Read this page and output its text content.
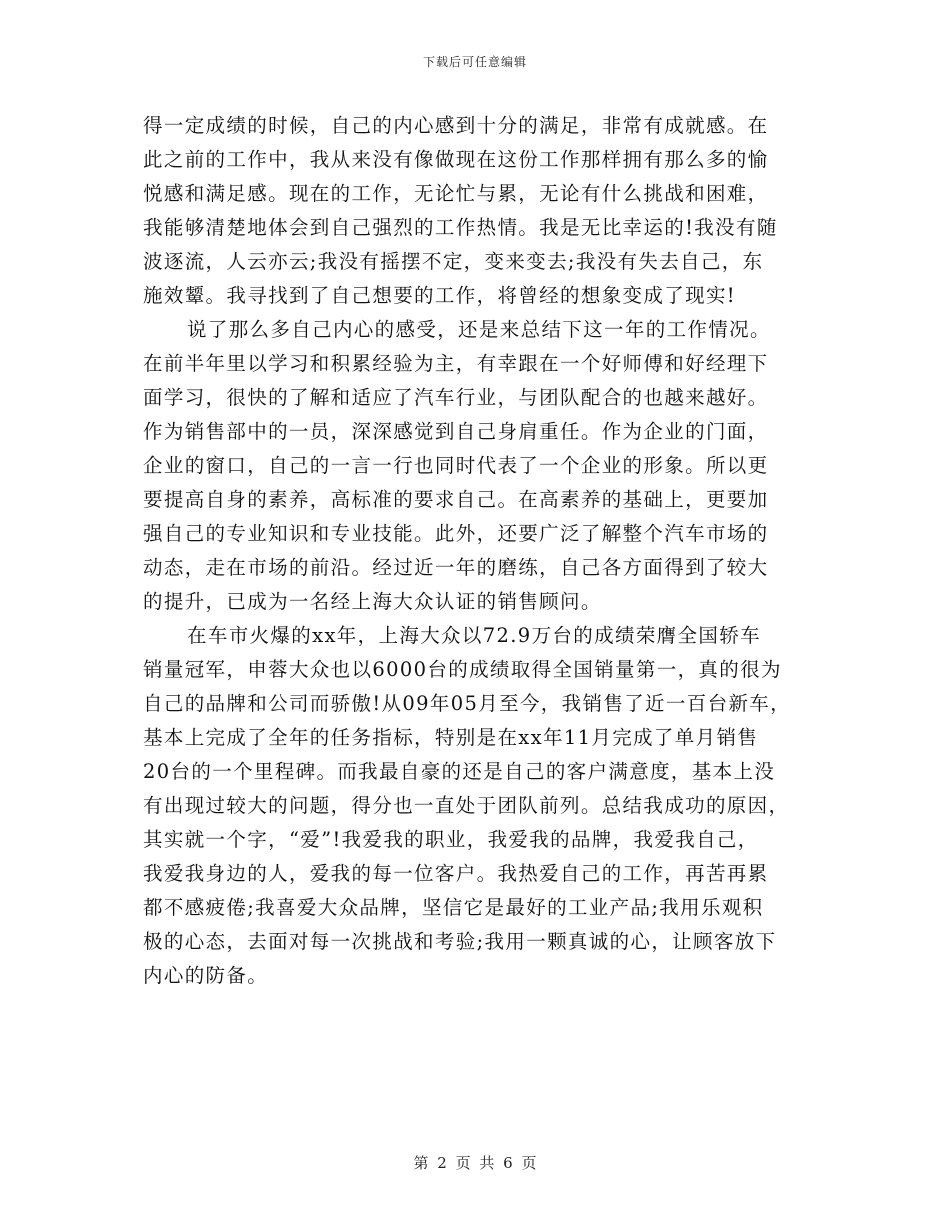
下载后可任意编辑
得一定成绩的时候，自己的内心感到十分的满足，非常有成就感。在
此之前的工作中，我从来没有像做现在这份工作那样拥有那么多的愉
悦感和满足感。现在的工作，无论忙与累，无论有什么挑战和困难，
我能够清楚地体会到自己强烈的工作热情。我是无比幸运的!我没有随
波逐流，人云亦云;我没有摇摆不定，变来变去;我没有失去自己，东
施效颦。我寻找到了自己想要的工作，将曾经的想象变成了现实!
说了那么多自己内心的感受，还是来总结下这一年的工作情况。
在前半年里以学习和积累经验为主，有幸跟在一个好师傅和好经理下
面学习，很快的了解和适应了汽车行业，与团队配合的也越来越好。
作为销售部中的一员，深深感觉到自己身肩重任。作为企业的门面，
企业的窗口，自己的一言一行也同时代表了一个企业的形象。所以更
要提高自身的素养，高标准的要求自己。在高素养的基础上，更要加
强自己的专业知识和专业技能。此外，还要广泛了解整个汽车市场的
动态，走在市场的前沿。经过近一年的磨练，自己各方面得到了较大
的提升，已成为一名经上海大众认证的销售顾问。
在车市火爆的xx年，上海大众以72.9万台的成绩荣膺全国轿车
销量冠军，申蓉大众也以6000台的成绩取得全国销量第一，真的很为
自己的品牌和公司而骄傲!从09年05月至今，我销售了近一百台新车，
基本上完成了全年的任务指标，特别是在xx年11月完成了单月销售
20台的一个里程碑。而我最自豪的还是自己的客户满意度，基本上没
有出现过较大的问题，得分也一直处于团队前列。总结我成功的原因，
其实就一个字，“爱”!我爱我的职业，我爱我的品牌，我爱我自己，
我爱我身边的人，爱我的每一位客户。我热爱自己的工作，再苦再累
都不感疲倦;我喜爱大众品牌，坚信它是最好的工业产品;我用乐观积
极的心态，去面对每一次挑战和考验;我用一颗真诚的心，让顾客放下
内心的防备。
第 2 页 共 6 页
